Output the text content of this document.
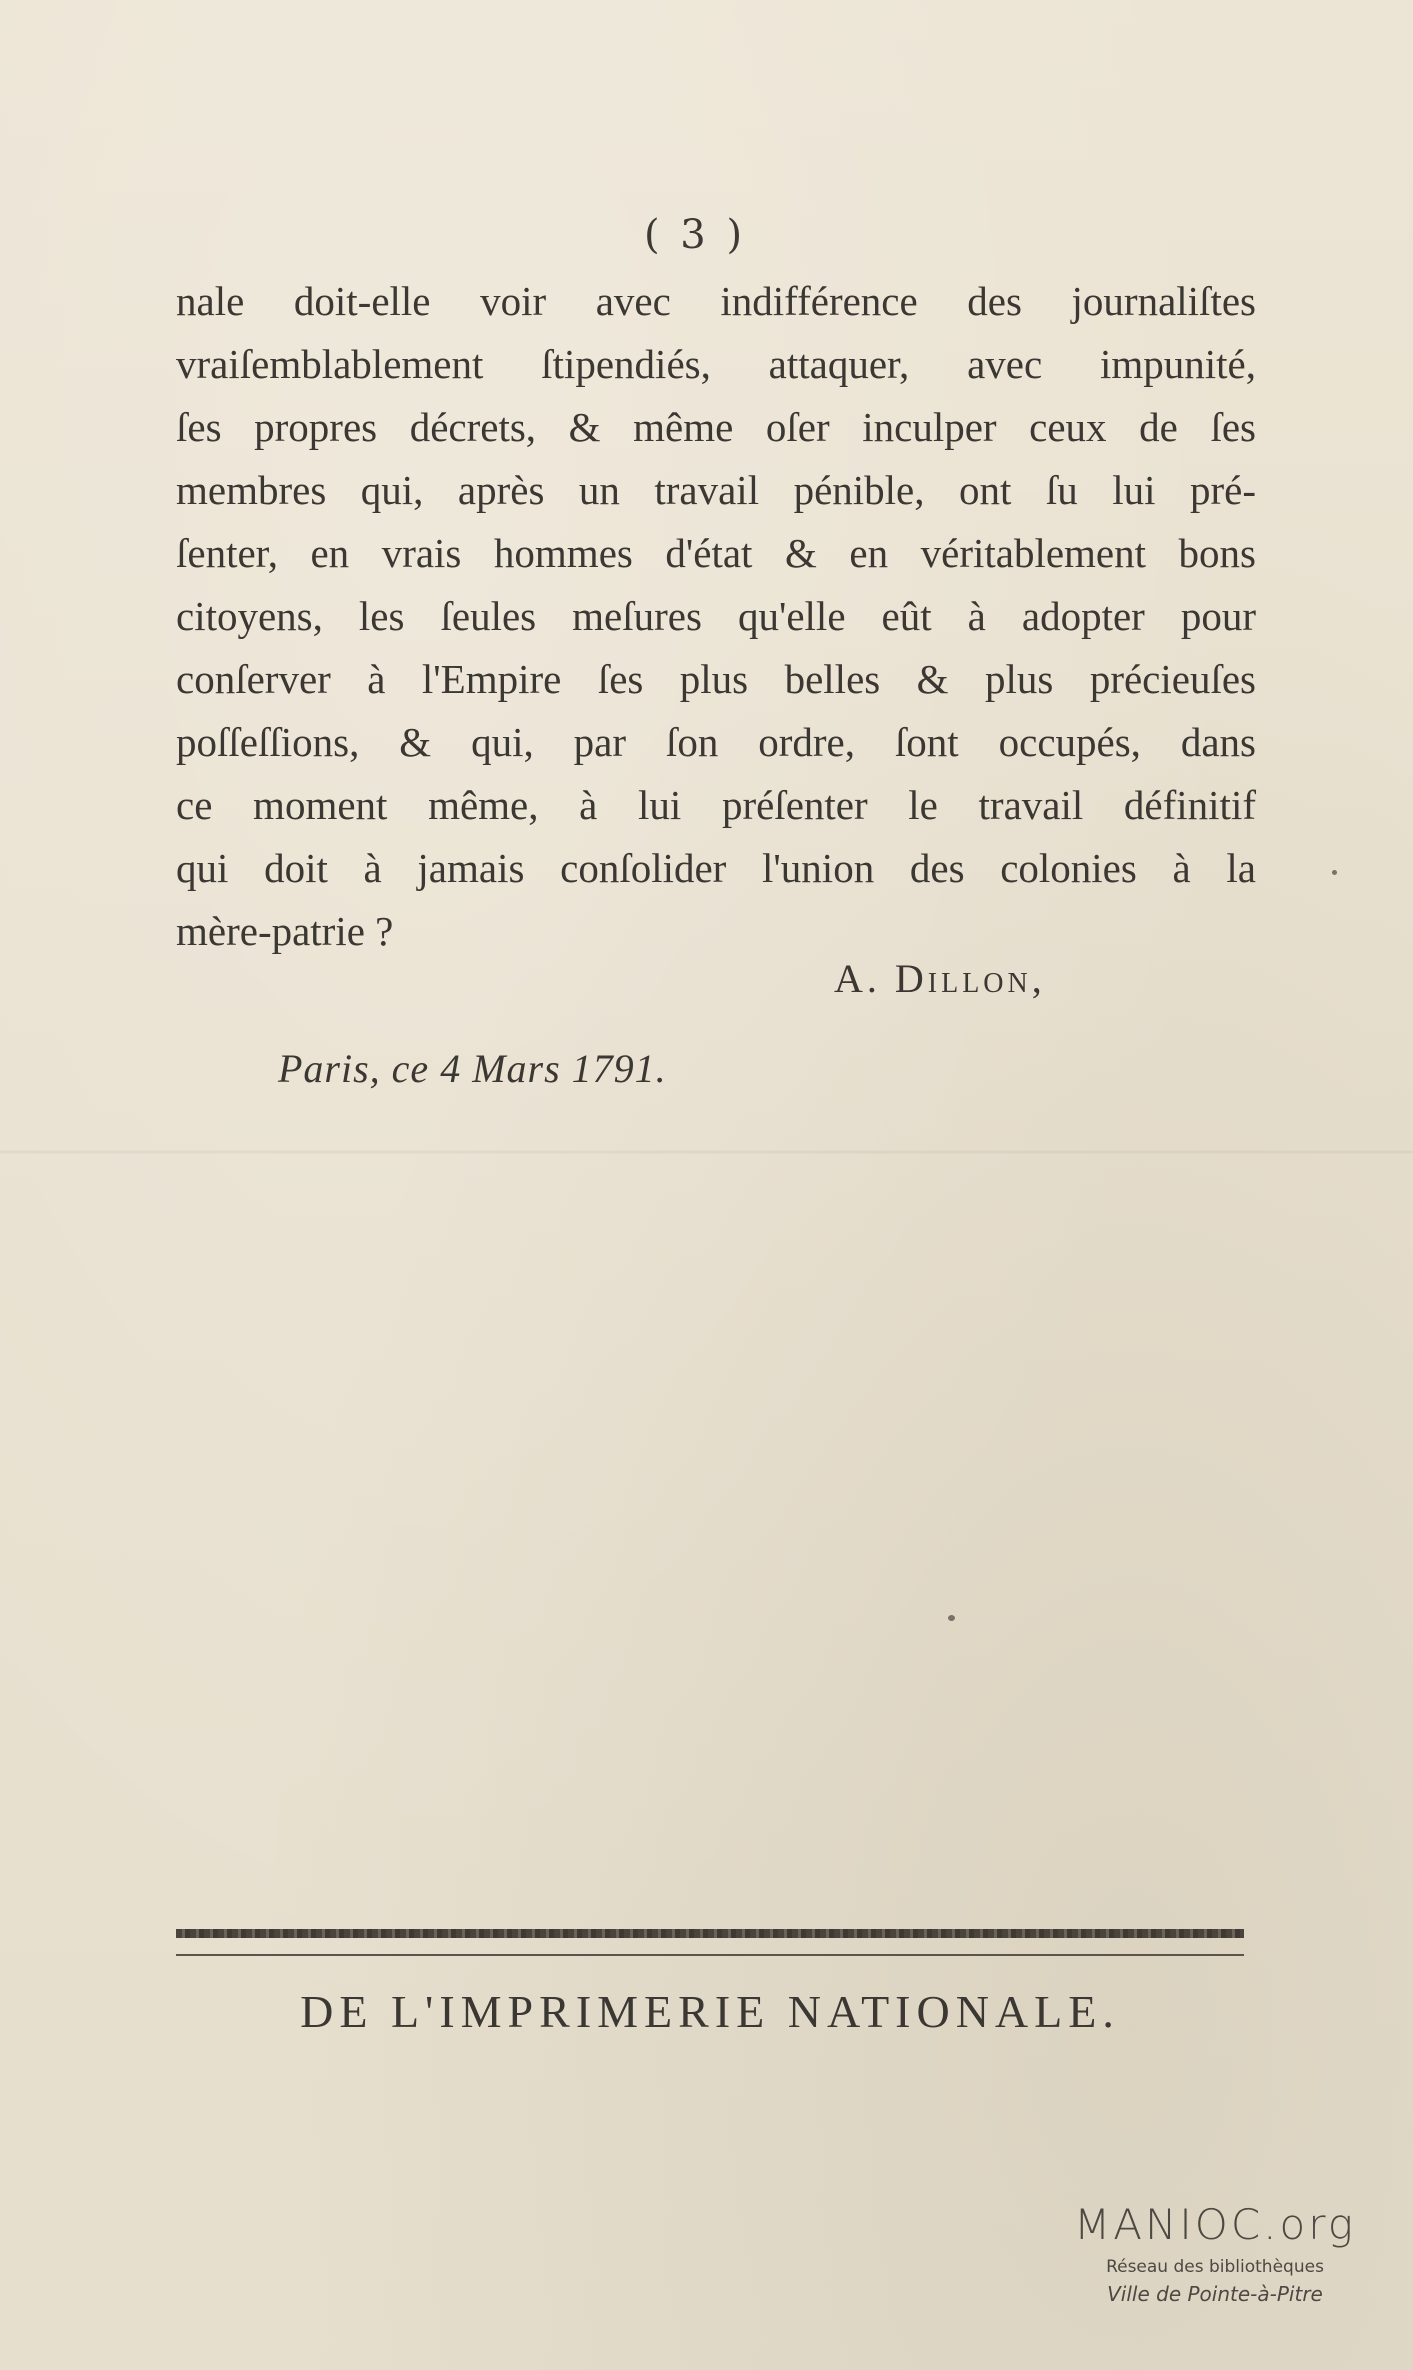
( 3 )
nale doit-elle voir avec indifférence des journaliſtes
vraiſemblablement ſtipendiés, attaquer, avec impunité,
ſes propres décrets, & même oſer inculper ceux de ſes
membres qui, après un travail pénible, ont ſu lui pré-
ſenter, en vrais hommes d'état & en véritablement bons
citoyens, les ſeules meſures qu'elle eût à adopter pour
conſerver à l'Empire ſes plus belles & plus précieuſes
poſſeſſions, & qui, par ſon ordre, ſont occupés, dans
ce moment même, à lui préſenter le travail définitif
qui doit à jamais conſolider l'union des colonies à la
mère-patrie ?
A. Dillon,
Paris, ce 4 Mars 1791.
DE L'IMPRIMERIE NATIONALE.
MANIOC.org
Réseau des bibliothèques
Ville de Pointe-à-Pitre
